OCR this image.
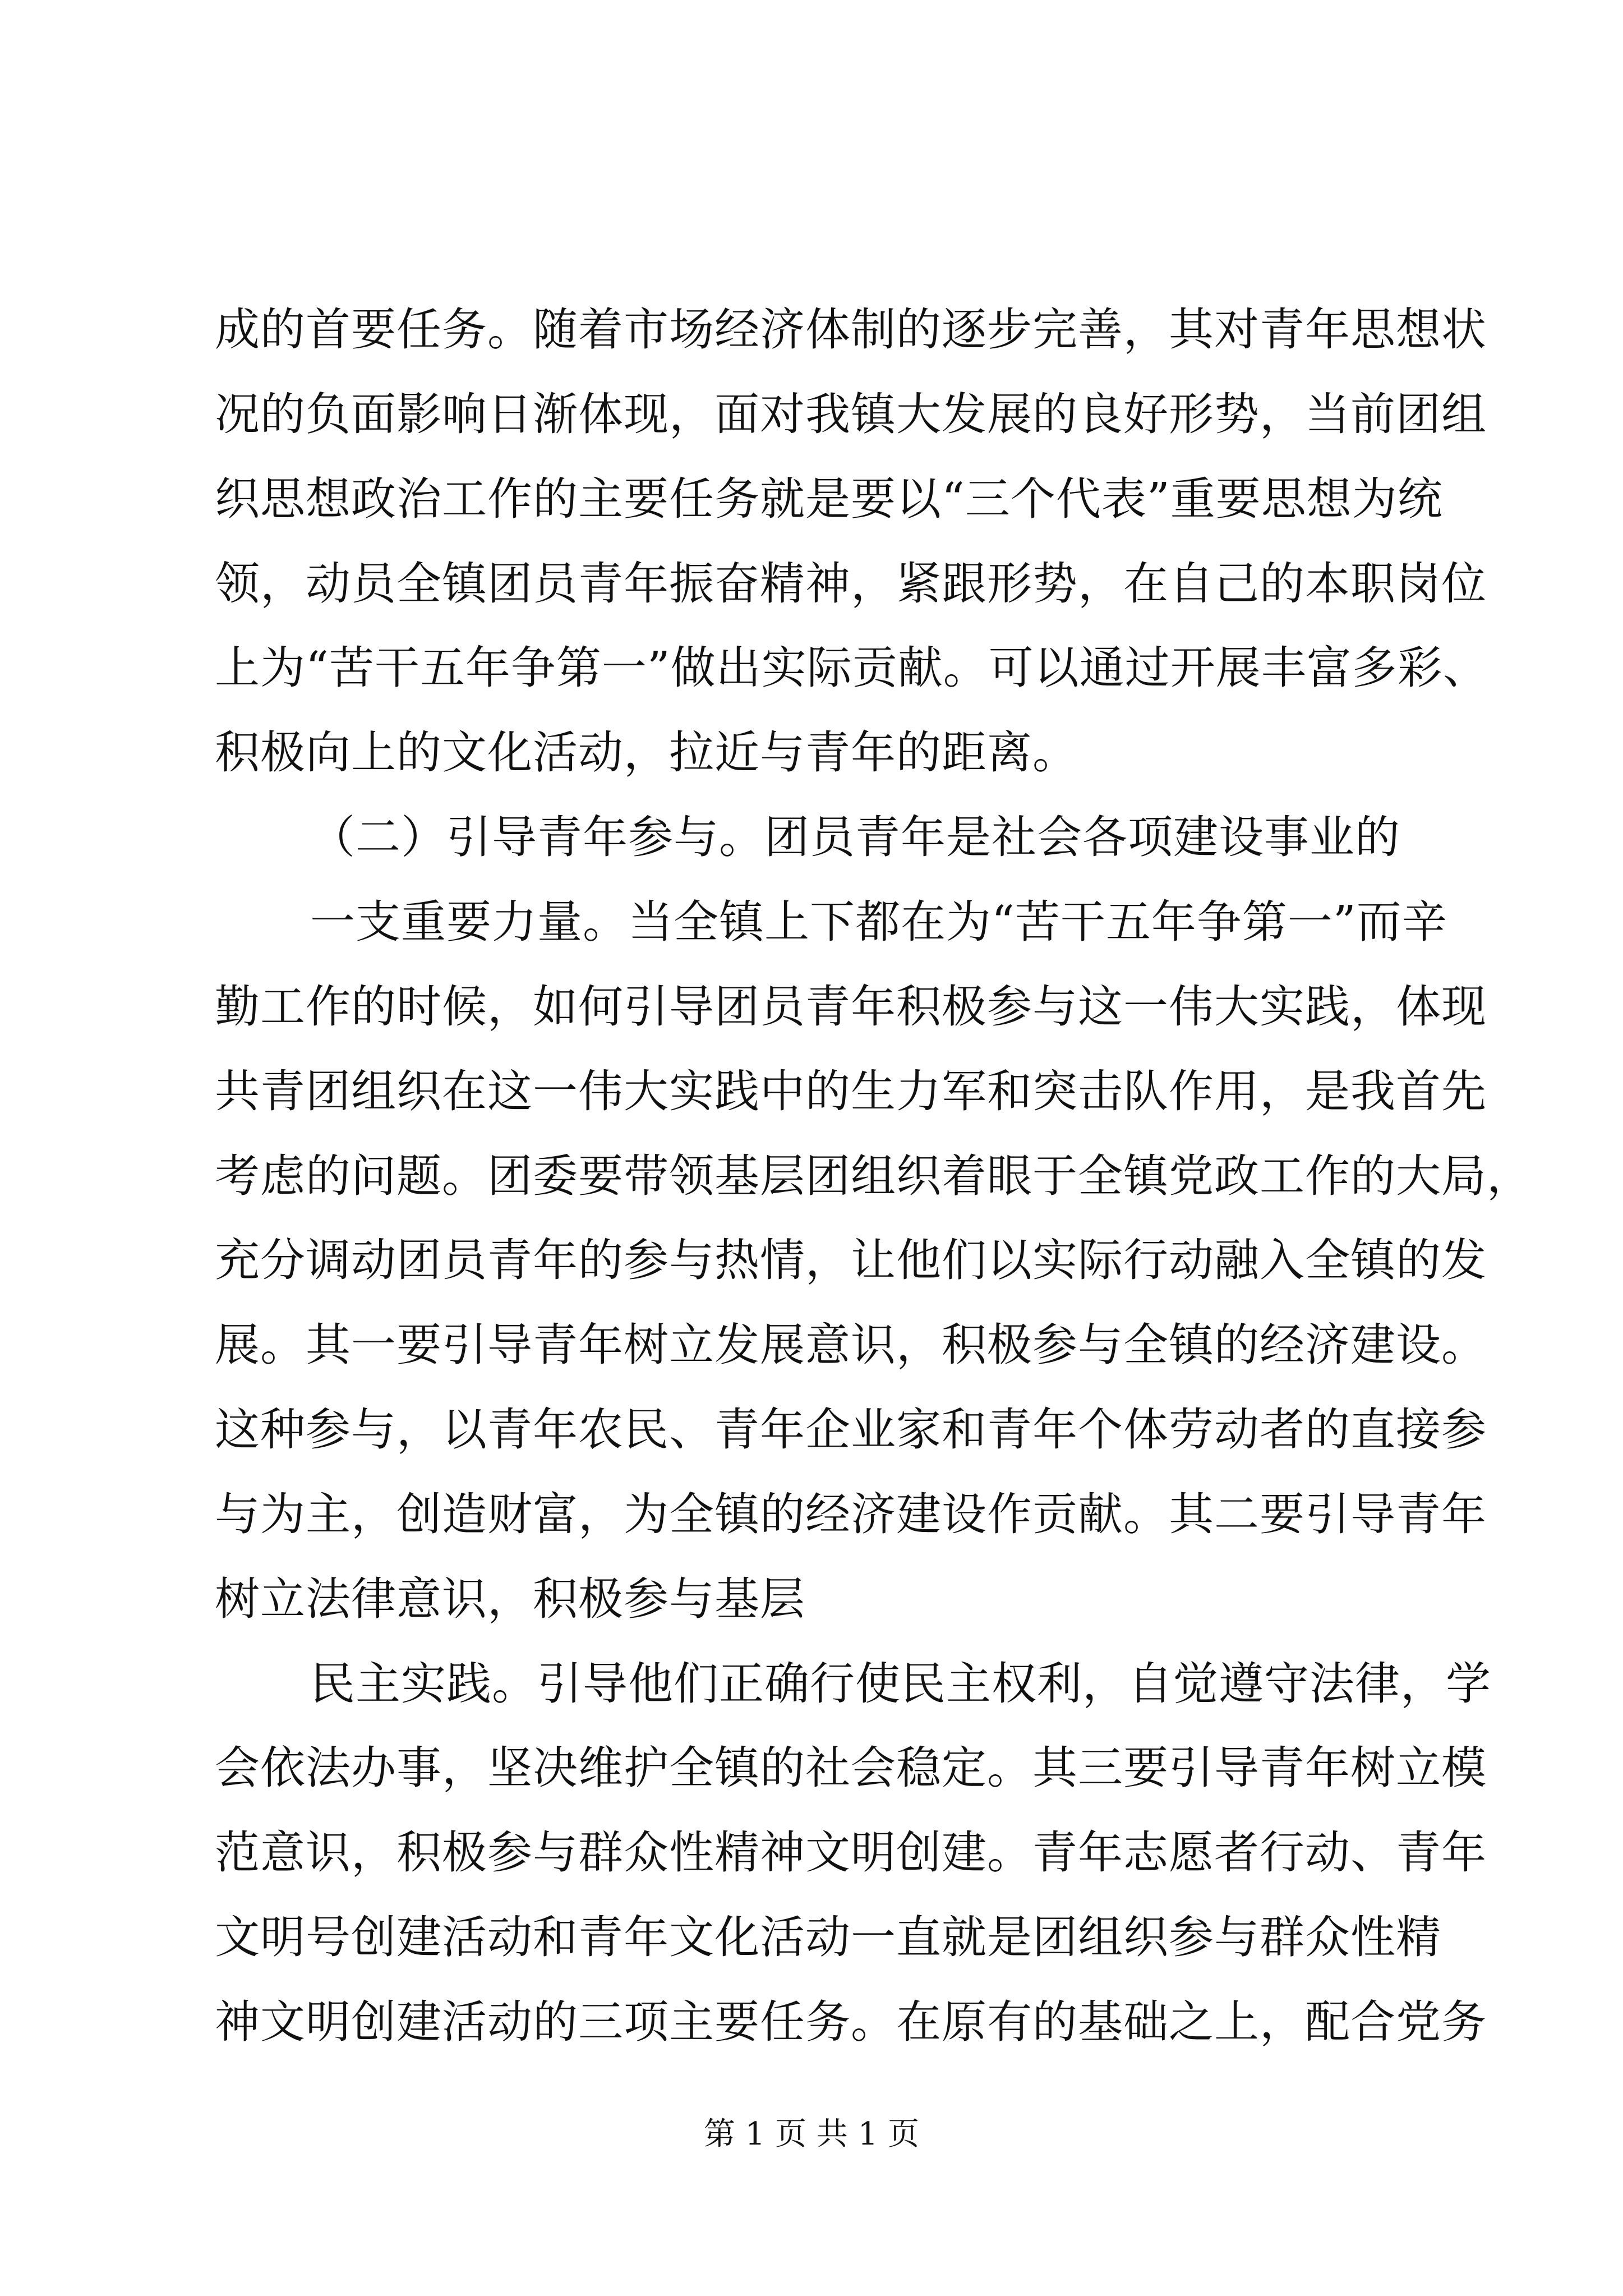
成的首要任务。随着市场经济体制的逐步完善，其对青年思想状
况的负面影响日渐体现，面对我镇大发展的良好形势，当前团组
织思想政治工作的主要任务就是要以“三个代表”重要思想为统
领，动员全镇团员青年振奋精神，紧跟形势，在自己的本职岗位
上为“苦干五年争第一”做出实际贡献。可以通过开展丰富多彩、
积极向上的文化活动，拉近与青年的距离。
（二）引导青年参与。团员青年是社会各项建设事业的
一支重要力量。当全镇上下都在为“苦干五年争第一”而辛
勤工作的时候，如何引导团员青年积极参与这一伟大实践，体现
共青团组织在这一伟大实践中的生力军和突击队作用，是我首先
考虑的问题。团委要带领基层团组织着眼于全镇党政工作的大局，
充分调动团员青年的参与热情，让他们以实际行动融入全镇的发
展。其一要引导青年树立发展意识，积极参与全镇的经济建设。
这种参与，以青年农民、青年企业家和青年个体劳动者的直接参
与为主，创造财富，为全镇的经济建设作贡献。其二要引导青年
树立法律意识，积极参与基层
民主实践。引导他们正确行使民主权利，自觉遵守法律，学
会依法办事，坚决维护全镇的社会稳定。其三要引导青年树立模
范意识，积极参与群众性精神文明创建。青年志愿者行动、青年
文明号创建活动和青年文化活动一直就是团组织参与群众性精
神文明创建活动的三项主要任务。在原有的基础之上，配合党务
第 1 页 共 1 页
